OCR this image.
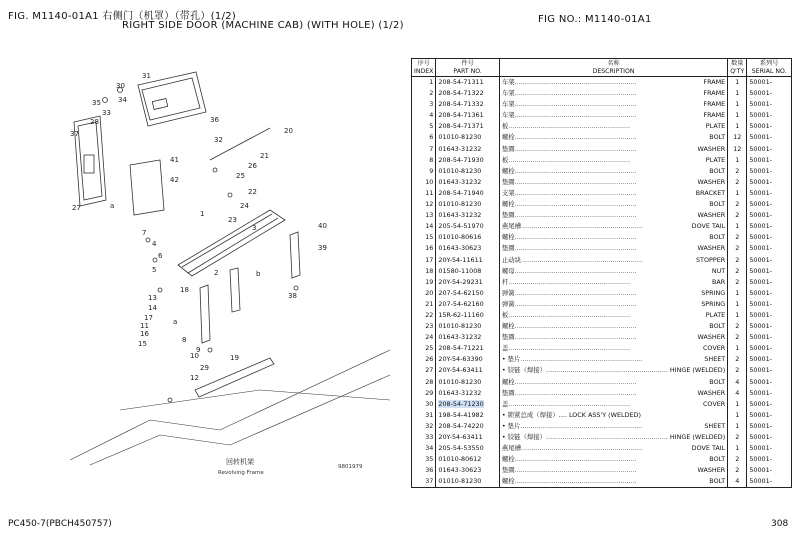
FIG. M1140-01A1 右侧门（机罩）（带孔）(1/2)
RIGHT SIDE DOOR (MACHINE CAB) (WITH HOLE) (1/2)
FIG NO.: M1140-01A1
31
30
34
35
33
28
37
36
32
41
42
27
20
21
26
25
22
24
1
23
3	40
39
38
2
4
7
6
5
18
13
14
17
16
15	8
11
12
10
9
19
29
a
a
b
回转机架
Revolving Frame
9801979
序号
INDEX	件号
PART NO.	名称
DESCRIPTION	数量
Q'TY	系列号
SERIAL NO.
1	208-54-71311	车架 ............................................................ FRAME	1	50001-
2	208-54-71322	车架 ............................................................ FRAME	1	50001-
3	208-54-71332	车架 ............................................................ FRAME	1	50001-
4	208-54-71361	车架 ............................................................ FRAME	1	50001-
5	208-54-71371	板 ............................................................ PLATE	1	50001-
6	01010-81230	螺栓 ............................................................ BOLT	12	50001-
7	01643-31232	垫圈 ............................................................ WASHER	12	50001-
8	208-54-71930	板 ............................................................ PLATE	1	50001-
9	01010-81230	螺栓 ............................................................ BOLT	2	50001-
10	01643-31232	垫圈 ............................................................ WASHER	2	50001-
11	208-54-71940	支架 ............................................................ BRACKET	1	50001-
12	01010-81230	螺栓 ............................................................ BOLT	2	50001-
13	01643-31232	垫圈 ............................................................ WASHER	2	50001-
14	205-54-51970	燕尾槽 ............................................................ DOVE TAIL	1	50001-
15	01010-80616	螺栓 ............................................................ BOLT	2	50001-
16	01643-30623	垫圈 ............................................................ WASHER	2	50001-
17	20Y-54-11611	止动块 ............................................................ STOPPER	2	50001-
18	01580-11008	螺母 ............................................................ NUT	2	50001-
19	20Y-54-29231	杆 ............................................................ BAR	2	50001-
20	207-54-62150	弹簧 ............................................................ SPRING	1	50001-
21	207-54-62160	弹簧 ............................................................ SPRING	1	50001-
22	15R-62-11160	板 ............................................................ PLATE	1	50001-
23	01010-81230	螺栓 ............................................................ BOLT	2	50001-
24	01643-31232	垫圈 ............................................................ WASHER	2	50001-
25	208-54-71221	盖 ............................................................ COVER	1	50001-
26	20Y-54-63390	• 垫片 ............................................................ SHEET	2	50001-
27	20Y-54-63411	• 铰链（焊接） ............................................................ HINGE (WELDED)	2	50001-
28	01010-81230	螺栓 ............................................................ BOLT	4	50001-
29	01643-31232	垫圈 ............................................................ WASHER	4	50001-
30	208-54-71230	盖 ............................................................ COVER	1	50001-
31	198-54-41982	• 锁紧总成（焊接）.... LOCK ASS'Y (WELDED)	1	50001-
32	208-54-74220	• 垫片 ............................................................ SHEET	1	50001-
33	20Y-54-63411	• 铰链（焊接） ............................................................ HINGE (WELDED)	2	50001-
34	205-54-53550	燕尾槽 ............................................................ DOVE TAIL	1	50001-
35	01010-80612	螺栓 ............................................................ BOLT	2	50001-
36	01643-30623	垫圈 ............................................................ WASHER	2	50001-
37	01010-81230	螺栓 ............................................................ BOLT	4	50001-
PC450-7(PBCH450757)	308
